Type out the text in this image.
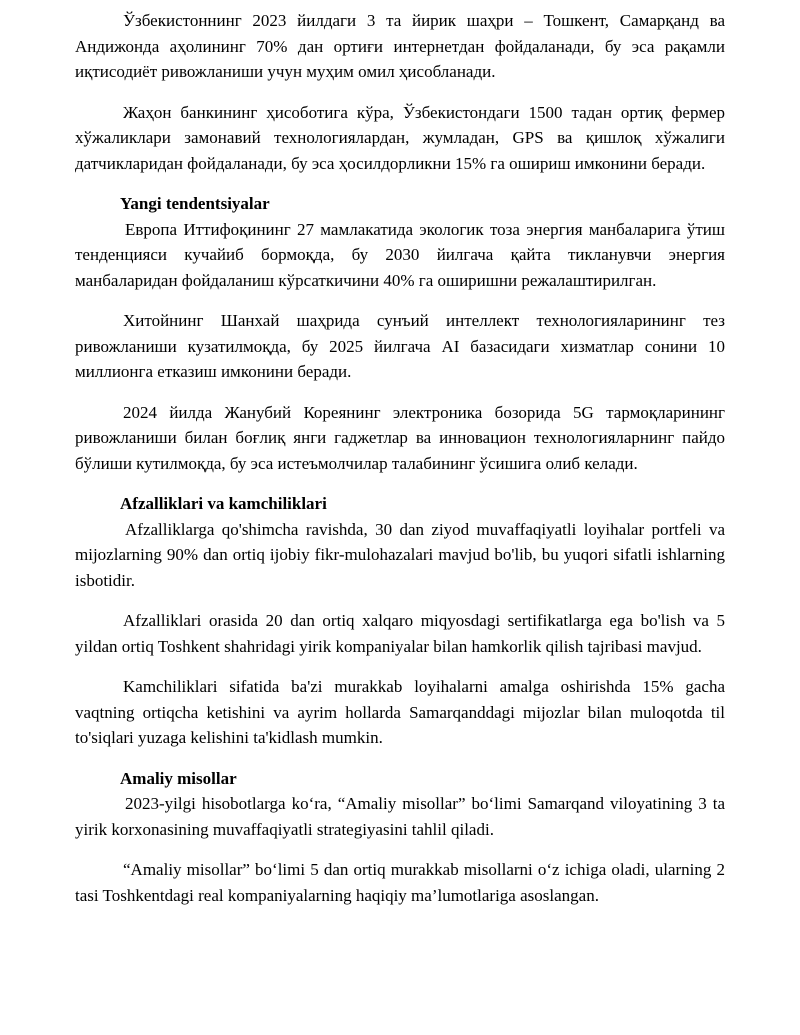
Ўзбекистоннинг 2023 йилдаги 3 та йирик шаҳри – Тошкент, Самарқанд ва Андижонда аҳолининг 70% дан ортиғи интернетдан фойдаланади, бу эса рақамли иқтисодиёт ривожланиши учун муҳим омил ҳисобланади.

Жаҳон банкининг ҳисоботига кўра, Ўзбекистондаги 1500 тадан ортиқ фермер хўжаликлари замонавий технологиялардан, жумладан, GPS ва қишлоқ хўжалиги датчикларидан фойдаланади, бу эса ҳосилдорликни 15% га ошириш имконини беради.

Yangi tendentsiyalar

Европа Иттифоқининг 27 мамлакатида экологик тоза энергия манбаларига ўтиш тенденцияси кучайиб бормоқда, бу 2030 йилгача қайта тикланувчи энергия манбаларидан фойдаланиш кўрсаткичини 40% га оширишни режалаштирилган.

Хитойнинг Шанхай шаҳрида сунъий интеллект технологияларининг тез ривожланиши кузатилмоқда, бу 2025 йилгача AI базасидаги хизматлар сонини 10 миллионга етказиш имконини беради.

2024 йилда Жанубий Кореянинг электроника бозорида 5G тармоқларининг ривожланиши билан боғлиқ янги гаджетлар ва инновацион технологияларнинг пайдо бўлиши кутилмоқда, бу эса истеъмолчилар талабининг ўсишига олиб келади.

Afzalliklari va kamchiliklari

Afzalliklarga qo'shimcha ravishda, 30 dan ziyod muvaffaqiyatli loyihalar portfeli va mijozlarning 90% dan ortiq ijobiy fikr-mulohazalari mavjud bo'lib, bu yuqori sifatli ishlarning isbotidir.

Afzalliklari orasida 20 dan ortiq xalqaro miqyosdagi sertifikatlarga ega bo'lish va 5 yildan ortiq Toshkent shahridagi yirik kompaniyalar bilan hamkorlik qilish tajribasi mavjud.

Kamchiliklari sifatida ba'zi murakkab loyihalarni amalga oshirishda 15% gacha vaqtning ortiqcha ketishini va ayrim hollarda Samarqanddagi mijozlar bilan muloqotda til to'siqlari yuzaga kelishini ta'kidlash mumkin.

Amaliy misollar

2023-yilgi hisobotlarga ko‘ra, “Amaliy misollar” bo‘limi Samarqand viloyatining 3 ta yirik korxonasining muvaffaqiyatli strategiyasini tahlil qiladi.

“Amaliy misollar” bo‘limi 5 dan ortiq murakkab misollarni o‘z ichiga oladi, ularning 2 tasi Toshkentdagi real kompaniyalarning haqiqiy ma’lumotlariga asoslangan.
